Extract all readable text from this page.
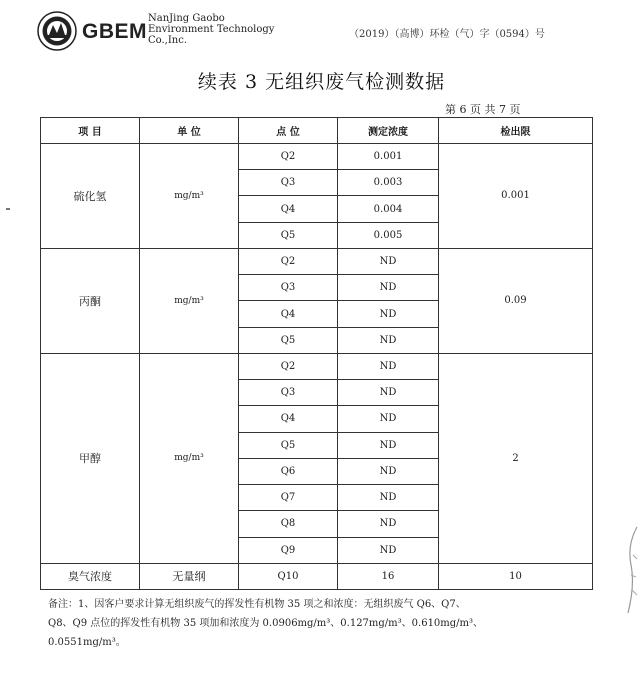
GBEM
NanJing Gaobo
Environment Technology
Co.,Inc.
（2019）（高博）环检（气）字（0594）号
续表 3 无组织废气检测数据
第 6 页 共 7 页
项 目	单 位	点 位	测定浓度	检出限
硫化氢	mg/m³	Q2	0.001	0.001
		Q3	0.003	
		Q4	0.004	
		Q5	0.005	
丙酮	mg/m³	Q2	ND	0.09
		Q3	ND	
		Q4	ND	
		Q5	ND	
甲醇	mg/m³	Q2	ND	2
		Q3	ND	
		Q4	ND	
		Q5	ND	
		Q6	ND	
		Q7	ND	
		Q8	ND	
		Q9	ND	
臭气浓度	无量纲	Q10	16	10
备注：1、因客户要求计算无组织废气的挥发性有机物 35 项之和浓度：无组织废气 Q6、Q7、
Q8、Q9 点位的挥发性有机物 35 项加和浓度为 0.0906mg/m³、0.127mg/m³、0.610mg/m³、
0.0551mg/m³。
